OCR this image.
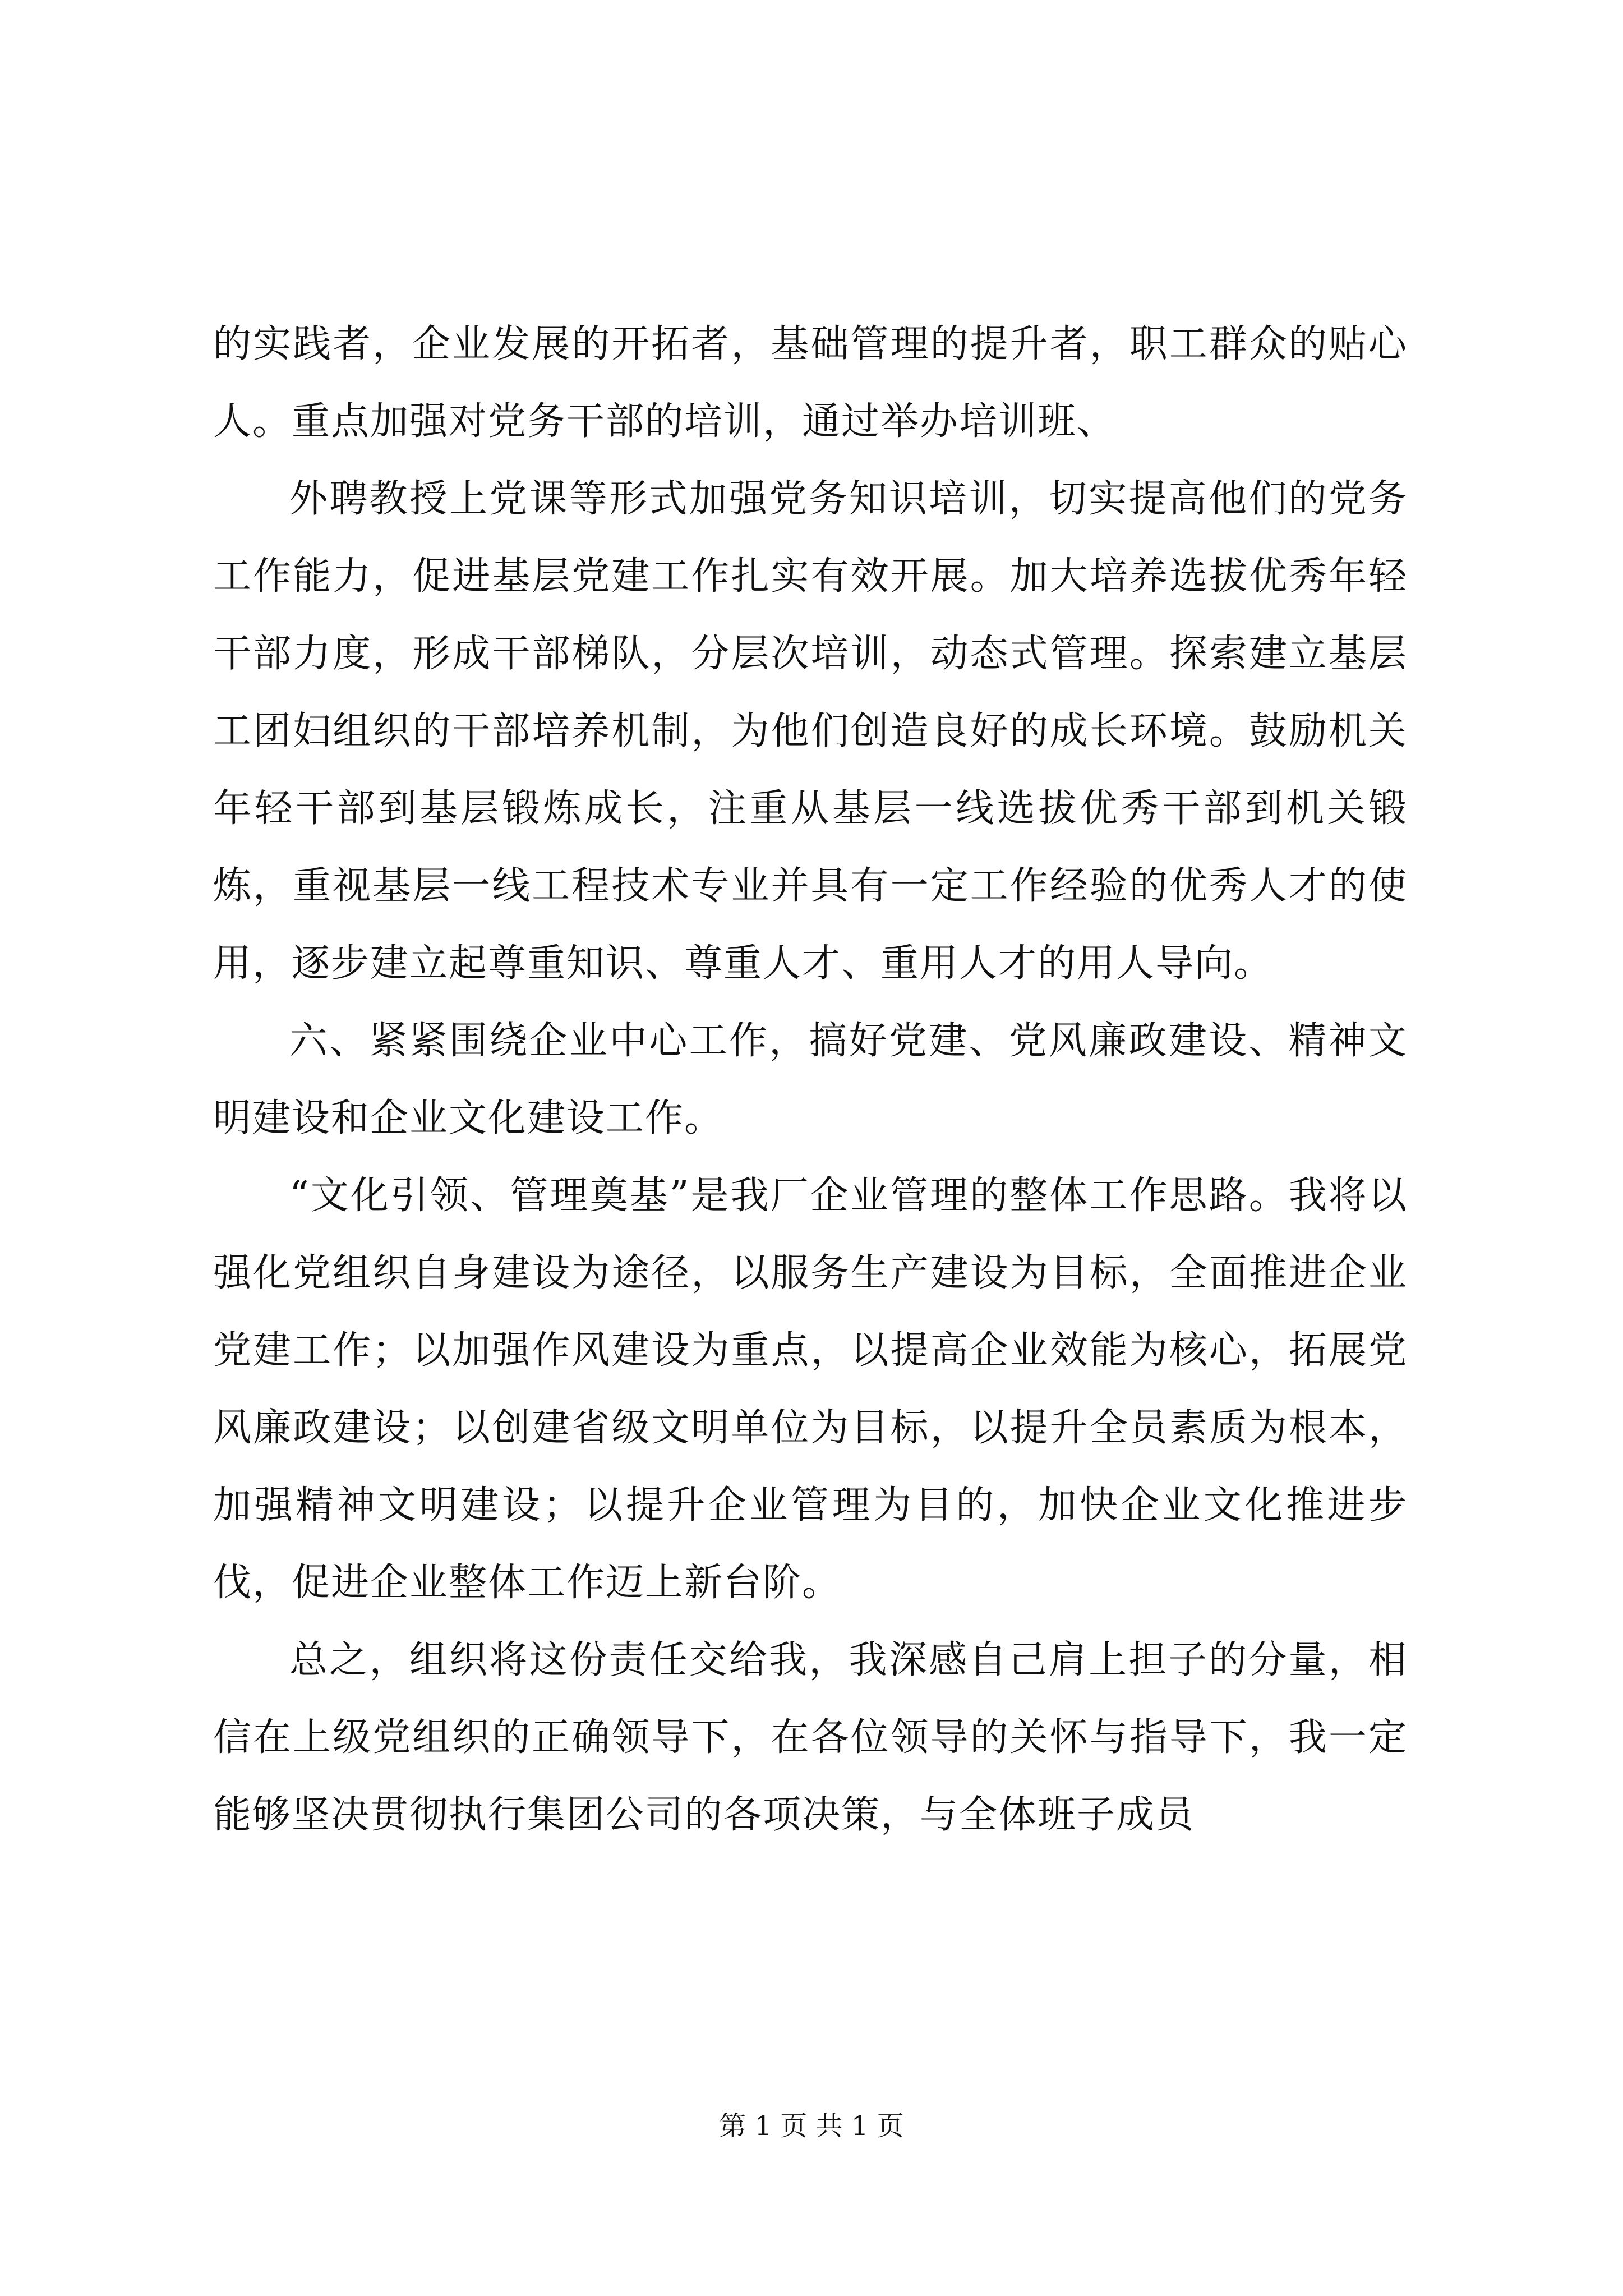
的实践者，企业发展的开拓者，基础管理的提升者，职工群众的贴心人。重点加强对党务干部的培训，通过举办培训班、

外聘教授上党课等形式加强党务知识培训，切实提高他们的党务工作能力，促进基层党建工作扎实有效开展。加大培养选拔优秀年轻干部力度，形成干部梯队，分层次培训，动态式管理。探索建立基层工团妇组织的干部培养机制，为他们创造良好的成长环境。鼓励机关年轻干部到基层锻炼成长，注重从基层一线选拔优秀干部到机关锻炼，重视基层一线工程技术专业并具有一定工作经验的优秀人才的使用，逐步建立起尊重知识、尊重人才、重用人才的用人导向。

六、紧紧围绕企业中心工作，搞好党建、党风廉政建设、精神文明建设和企业文化建设工作。

“文化引领、管理奠基”是我厂企业管理的整体工作思路。我将以强化党组织自身建设为途径，以服务生产建设为目标，全面推进企业党建工作；以加强作风建设为重点，以提高企业效能为核心，拓展党风廉政建设；以创建省级文明单位为目标，以提升全员素质为根本，加强精神文明建设；以提升企业管理为目的，加快企业文化推进步伐，促进企业整体工作迈上新台阶。

总之，组织将这份责任交给我，我深感自己肩上担子的分量，相信在上级党组织的正确领导下，在各位领导的关怀与指导下，我一定能够坚决贯彻执行集团公司的各项决策，与全体班子成员

第 1 页 共 1 页
